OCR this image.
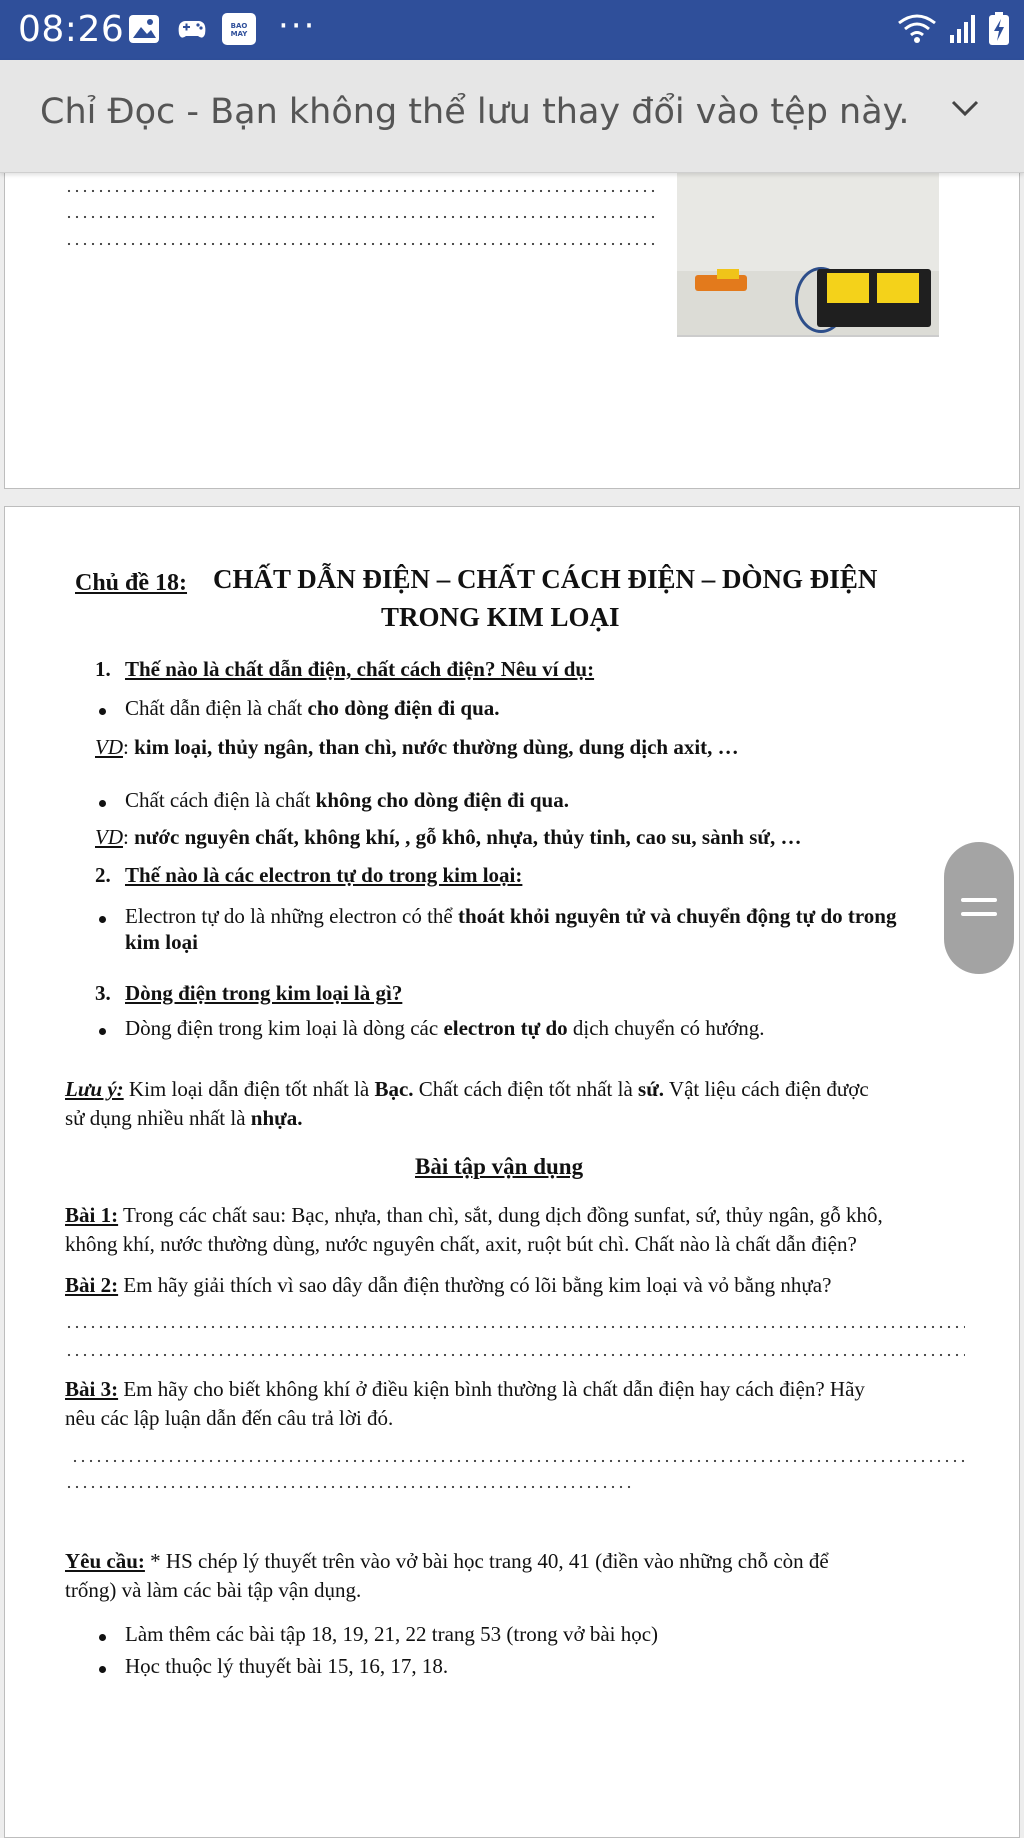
08:26	BAO MAY ···
Chỉ Đọc - Bạn không thể lưu thay đổi vào tệp này.
Chủ đề 18: CHẤT DẪN ĐIỆN – CHẤT CÁCH ĐIỆN – DÒNG ĐIỆN
TRONG KIM LOẠI
1. Thế nào là chất dẫn điện, chất cách điện? Nêu ví dụ:
Chất dẫn điện là chất cho dòng điện đi qua.
VD: kim loại, thủy ngân, than chì, nước thường dùng, dung dịch axit, …
Chất cách điện là chất không cho dòng điện đi qua.
VD: nước nguyên chất, không khí, , gỗ khô, nhựa, thủy tinh, cao su, sành sứ, …
2. Thế nào là các electron tự do trong kim loại:
Electron tự do là những electron có thể thoát khỏi nguyên tử và chuyển động tự do trong
kim loại
3. Dòng điện trong kim loại là gì?
Dòng điện trong kim loại là dòng các electron tự do dịch chuyển có hướng.
Lưu ý: Kim loại dẫn điện tốt nhất là Bạc. Chất cách điện tốt nhất là sứ. Vật liệu cách điện được
sử dụng nhiều nhất là nhựa.
Bài tập vận dụng
Bài 1: Trong các chất sau: Bạc, nhựa, than chì, sắt, dung dịch đồng sunfat, sứ, thủy ngân, gỗ khô,
không khí, nước thường dùng, nước nguyên chất, axit, ruột bút chì. Chất nào là chất dẫn điện?
Bài 2: Em hãy giải thích vì sao dây dẫn điện thường có lõi bằng kim loại và vỏ bằng nhựa?
Bài 3: Em hãy cho biết không khí ở điều kiện bình thường là chất dẫn điện hay cách điện? Hãy
nêu các lập luận dẫn đến câu trả lời đó.
Yêu cầu: * HS chép lý thuyết trên vào vở bài học trang 40, 41 (điền vào những chỗ còn để
trống) và làm các bài tập vận dụng.
Làm thêm các bài tập 18, 19, 21, 22 trang 53 (trong vở bài học)
Học thuộc lý thuyết bài 15, 16, 17, 18.
